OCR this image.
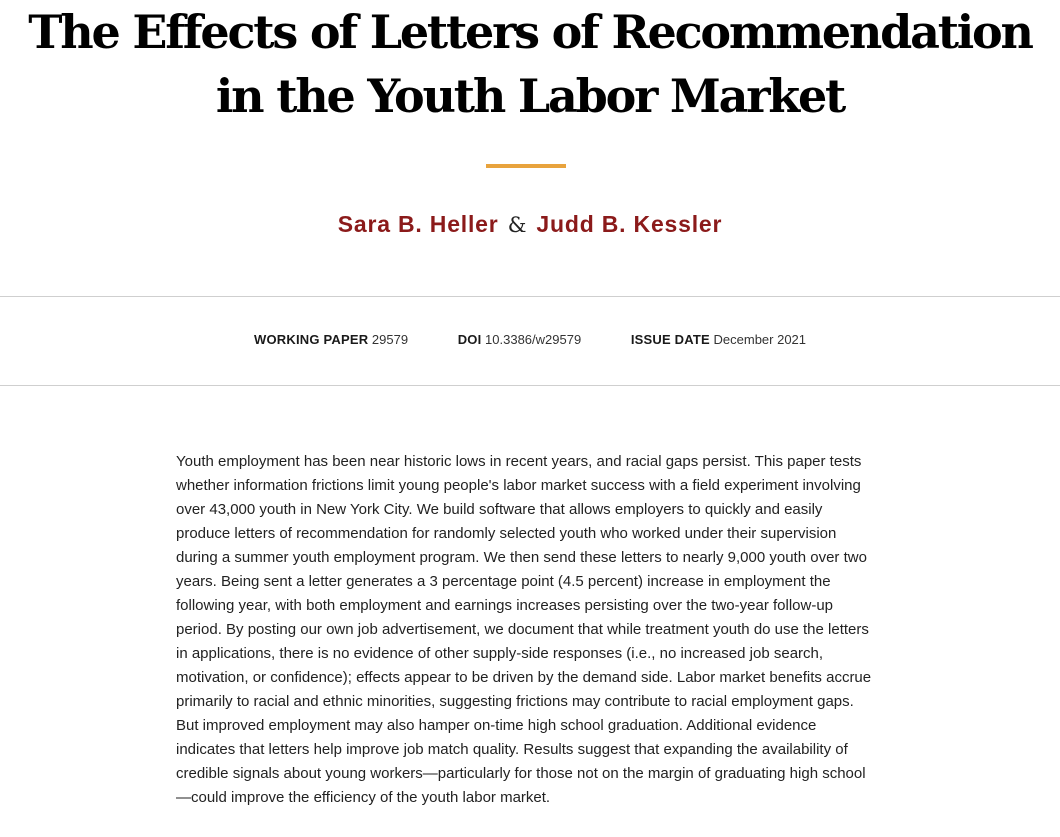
The Effects of Letters of Recommendation in the Youth Labor Market
Sara B. Heller & Judd B. Kessler
WORKING PAPER 29579	DOI 10.3386/w29579	ISSUE DATE December 2021

Youth employment has been near historic lows in recent years, and racial gaps persist. This paper tests whether information frictions limit young people's labor market success with a field experiment involving over 43,000 youth in New York City. We build software that allows employers to quickly and easily produce letters of recommendation for randomly selected youth who worked under their supervision during a summer youth employment program. We then send these letters to nearly 9,000 youth over two years. Being sent a letter generates a 3 percentage point (4.5 percent) increase in employment the following year, with both employment and earnings increases persisting over the two-year follow-up period. By posting our own job advertisement, we document that while treatment youth do use the letters in applications, there is no evidence of other supply-side responses (i.e., no increased job search, motivation, or confidence); effects appear to be driven by the demand side. Labor market benefits accrue primarily to racial and ethnic minorities, suggesting frictions may contribute to racial employment gaps. But improved employment may also hamper on-time high school graduation. Additional evidence indicates that letters help improve job match quality. Results suggest that expanding the availability of credible signals about young workers—particularly for those not on the margin of graduating high school—could improve the efficiency of the youth labor market.
